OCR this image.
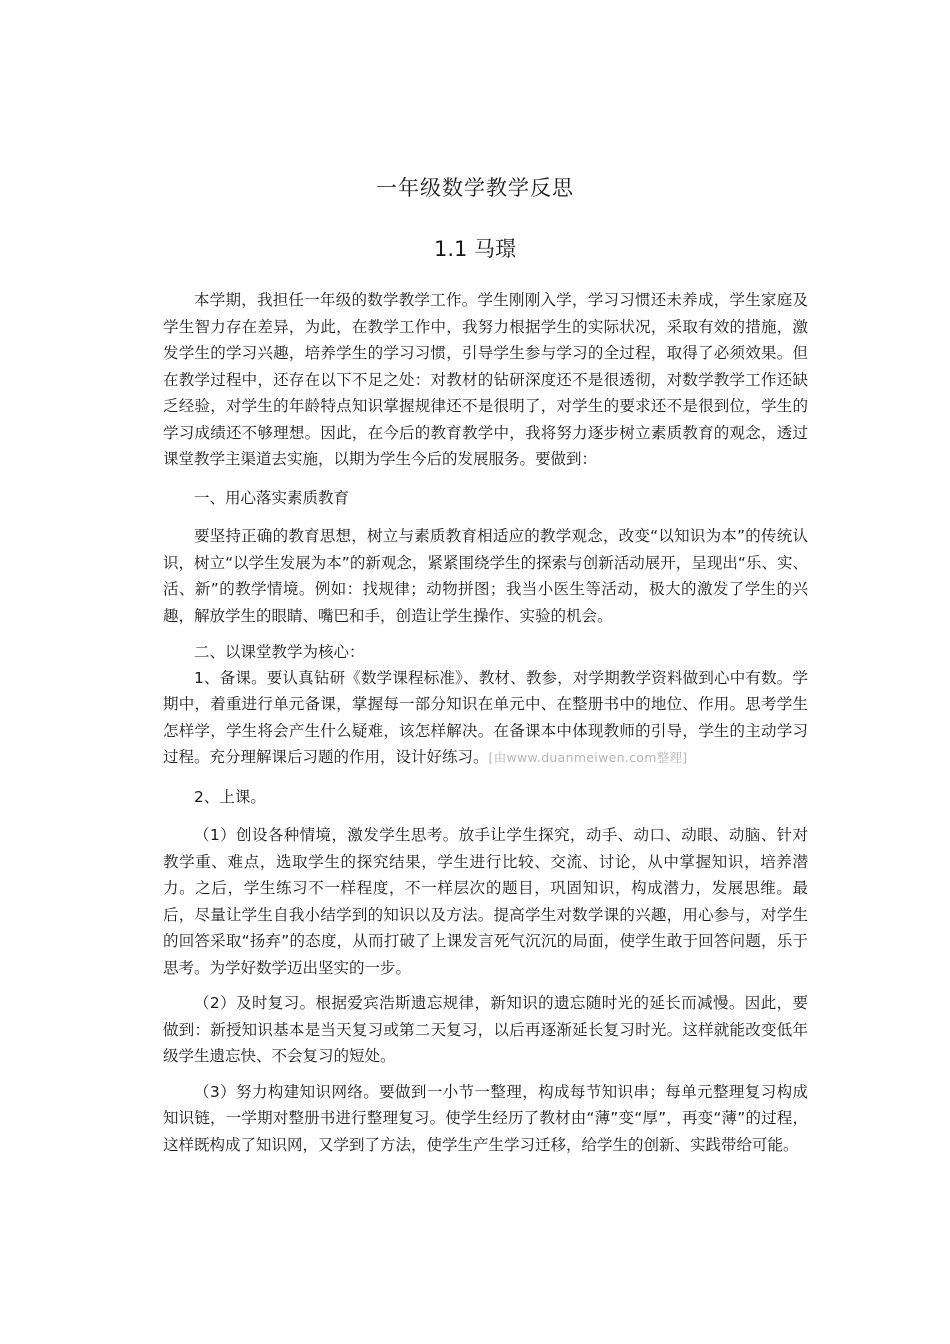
一年级数学教学反思
1.1 马璟

本学期，我担任一年级的数学教学工作。学生刚刚入学，学习习惯还未养成，学生家庭及学生智力存在差异，为此，在教学工作中，我努力根据学生的实际状况，采取有效的措施，激发学生的学习兴趣，培养学生的学习习惯，引导学生参与学习的全过程，取得了必须效果。但在教学过程中，还存在以下不足之处：对教材的钻研深度还不是很透彻，对数学教学工作还缺乏经验，对学生的年龄特点知识掌握规律还不是很明了，对学生的要求还不是很到位，学生的学习成绩还不够理想。因此，在今后的教育教学中，我将努力逐步树立素质教育的观念，透过课堂教学主渠道去实施，以期为学生今后的发展服务。要做到：

一、用心落实素质教育

要坚持正确的教育思想，树立与素质教育相适应的教学观念，改变“以知识为本”的传统认识，树立“以学生发展为本”的新观念，紧紧围绕学生的探索与创新活动展开，呈现出“乐、实、活、新”的教学情境。例如：找规律；动物拼图；我当小医生等活动，极大的激发了学生的兴趣，解放学生的眼睛、嘴巴和手，创造让学生操作、实验的机会。

二、以课堂教学为核心：

1、备课。要认真钻研《数学课程标准》、教材、教参，对学期教学资料做到心中有数。学期中，着重进行单元备课，掌握每一部分知识在单元中、在整册书中的地位、作用。思考学生怎样学，学生将会产生什么疑难，该怎样解决。在备课本中体现教师的引导，学生的主动学习过程。充分理解课后习题的作用，设计好练习。[由www.duanmeiwen.com整理]

2、上课。

（1）创设各种情境，激发学生思考。放手让学生探究，动手、动口、动眼、动脑、针对教学重、难点，选取学生的探究结果，学生进行比较、交流、讨论，从中掌握知识，培养潜力。之后，学生练习不一样程度，不一样层次的题目，巩固知识，构成潜力，发展思维。最后，尽量让学生自我小结学到的知识以及方法。提高学生对数学课的兴趣，用心参与，对学生的回答采取“扬弃”的态度，从而打破了上课发言死气沉沉的局面，使学生敢于回答问题，乐于思考。为学好数学迈出坚实的一步。

（2）及时复习。根据爱宾浩斯遗忘规律，新知识的遗忘随时光的延长而减慢。因此，要做到：新授知识基本是当天复习或第二天复习，以后再逐渐延长复习时光。这样就能改变低年级学生遗忘快、不会复习的短处。

（3）努力构建知识网络。要做到一小节一整理，构成每节知识串；每单元整理复习构成知识链，一学期对整册书进行整理复习。使学生经历了教材由“薄”变“厚”，再变“薄”的过程，这样既构成了知识网，又学到了方法，使学生产生学习迁移，给学生的创新、实践带给可能。
